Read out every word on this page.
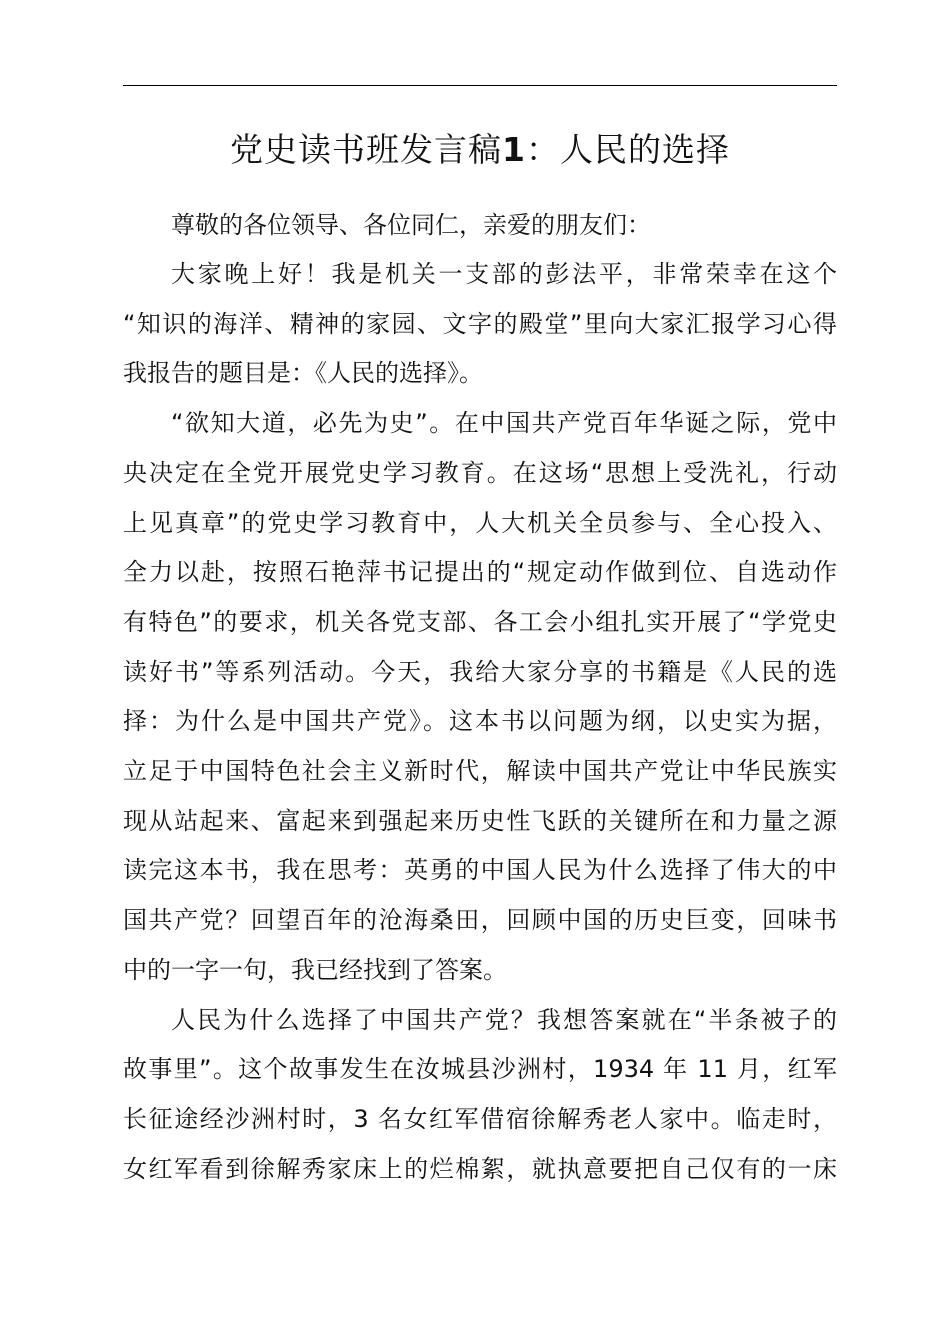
党史读书班发言稿1：人民的选择
尊敬的各位领导、各位同仁，亲爱的朋友们：
大家晚上好！我是机关一支部的彭法平，非常荣幸在这个
“知识的海洋、精神的家园、文字的殿堂”里向大家汇报学习心得
我报告的题目是：《人民的选择》。
“欲知大道，必先为史”。在中国共产党百年华诞之际，党中
央决定在全党开展党史学习教育。在这场“思想上受洗礼，行动
上见真章”的党史学习教育中，人大机关全员参与、全心投入、
全力以赴，按照石艳萍书记提出的“规定动作做到位、自选动作
有特色”的要求，机关各党支部、各工会小组扎实开展了“学党史
读好书”等系列活动。今天，我给大家分享的书籍是《人民的选
择：为什么是中国共产党》。这本书以问题为纲，以史实为据，
立足于中国特色社会主义新时代，解读中国共产党让中华民族实
现从站起来、富起来到强起来历史性飞跃的关键所在和力量之源
读完这本书，我在思考：英勇的中国人民为什么选择了伟大的中
国共产党？回望百年的沧海桑田，回顾中国的历史巨变，回味书
中的一字一句，我已经找到了答案。
人民为什么选择了中国共产党？我想答案就在“半条被子的
故事里”。这个故事发生在汝城县沙洲村，1934 年 11 月，红军
长征途经沙洲村时，3 名女红军借宿徐解秀老人家中。临走时，
女红军看到徐解秀家床上的烂棉絮，就执意要把自己仅有的一床
